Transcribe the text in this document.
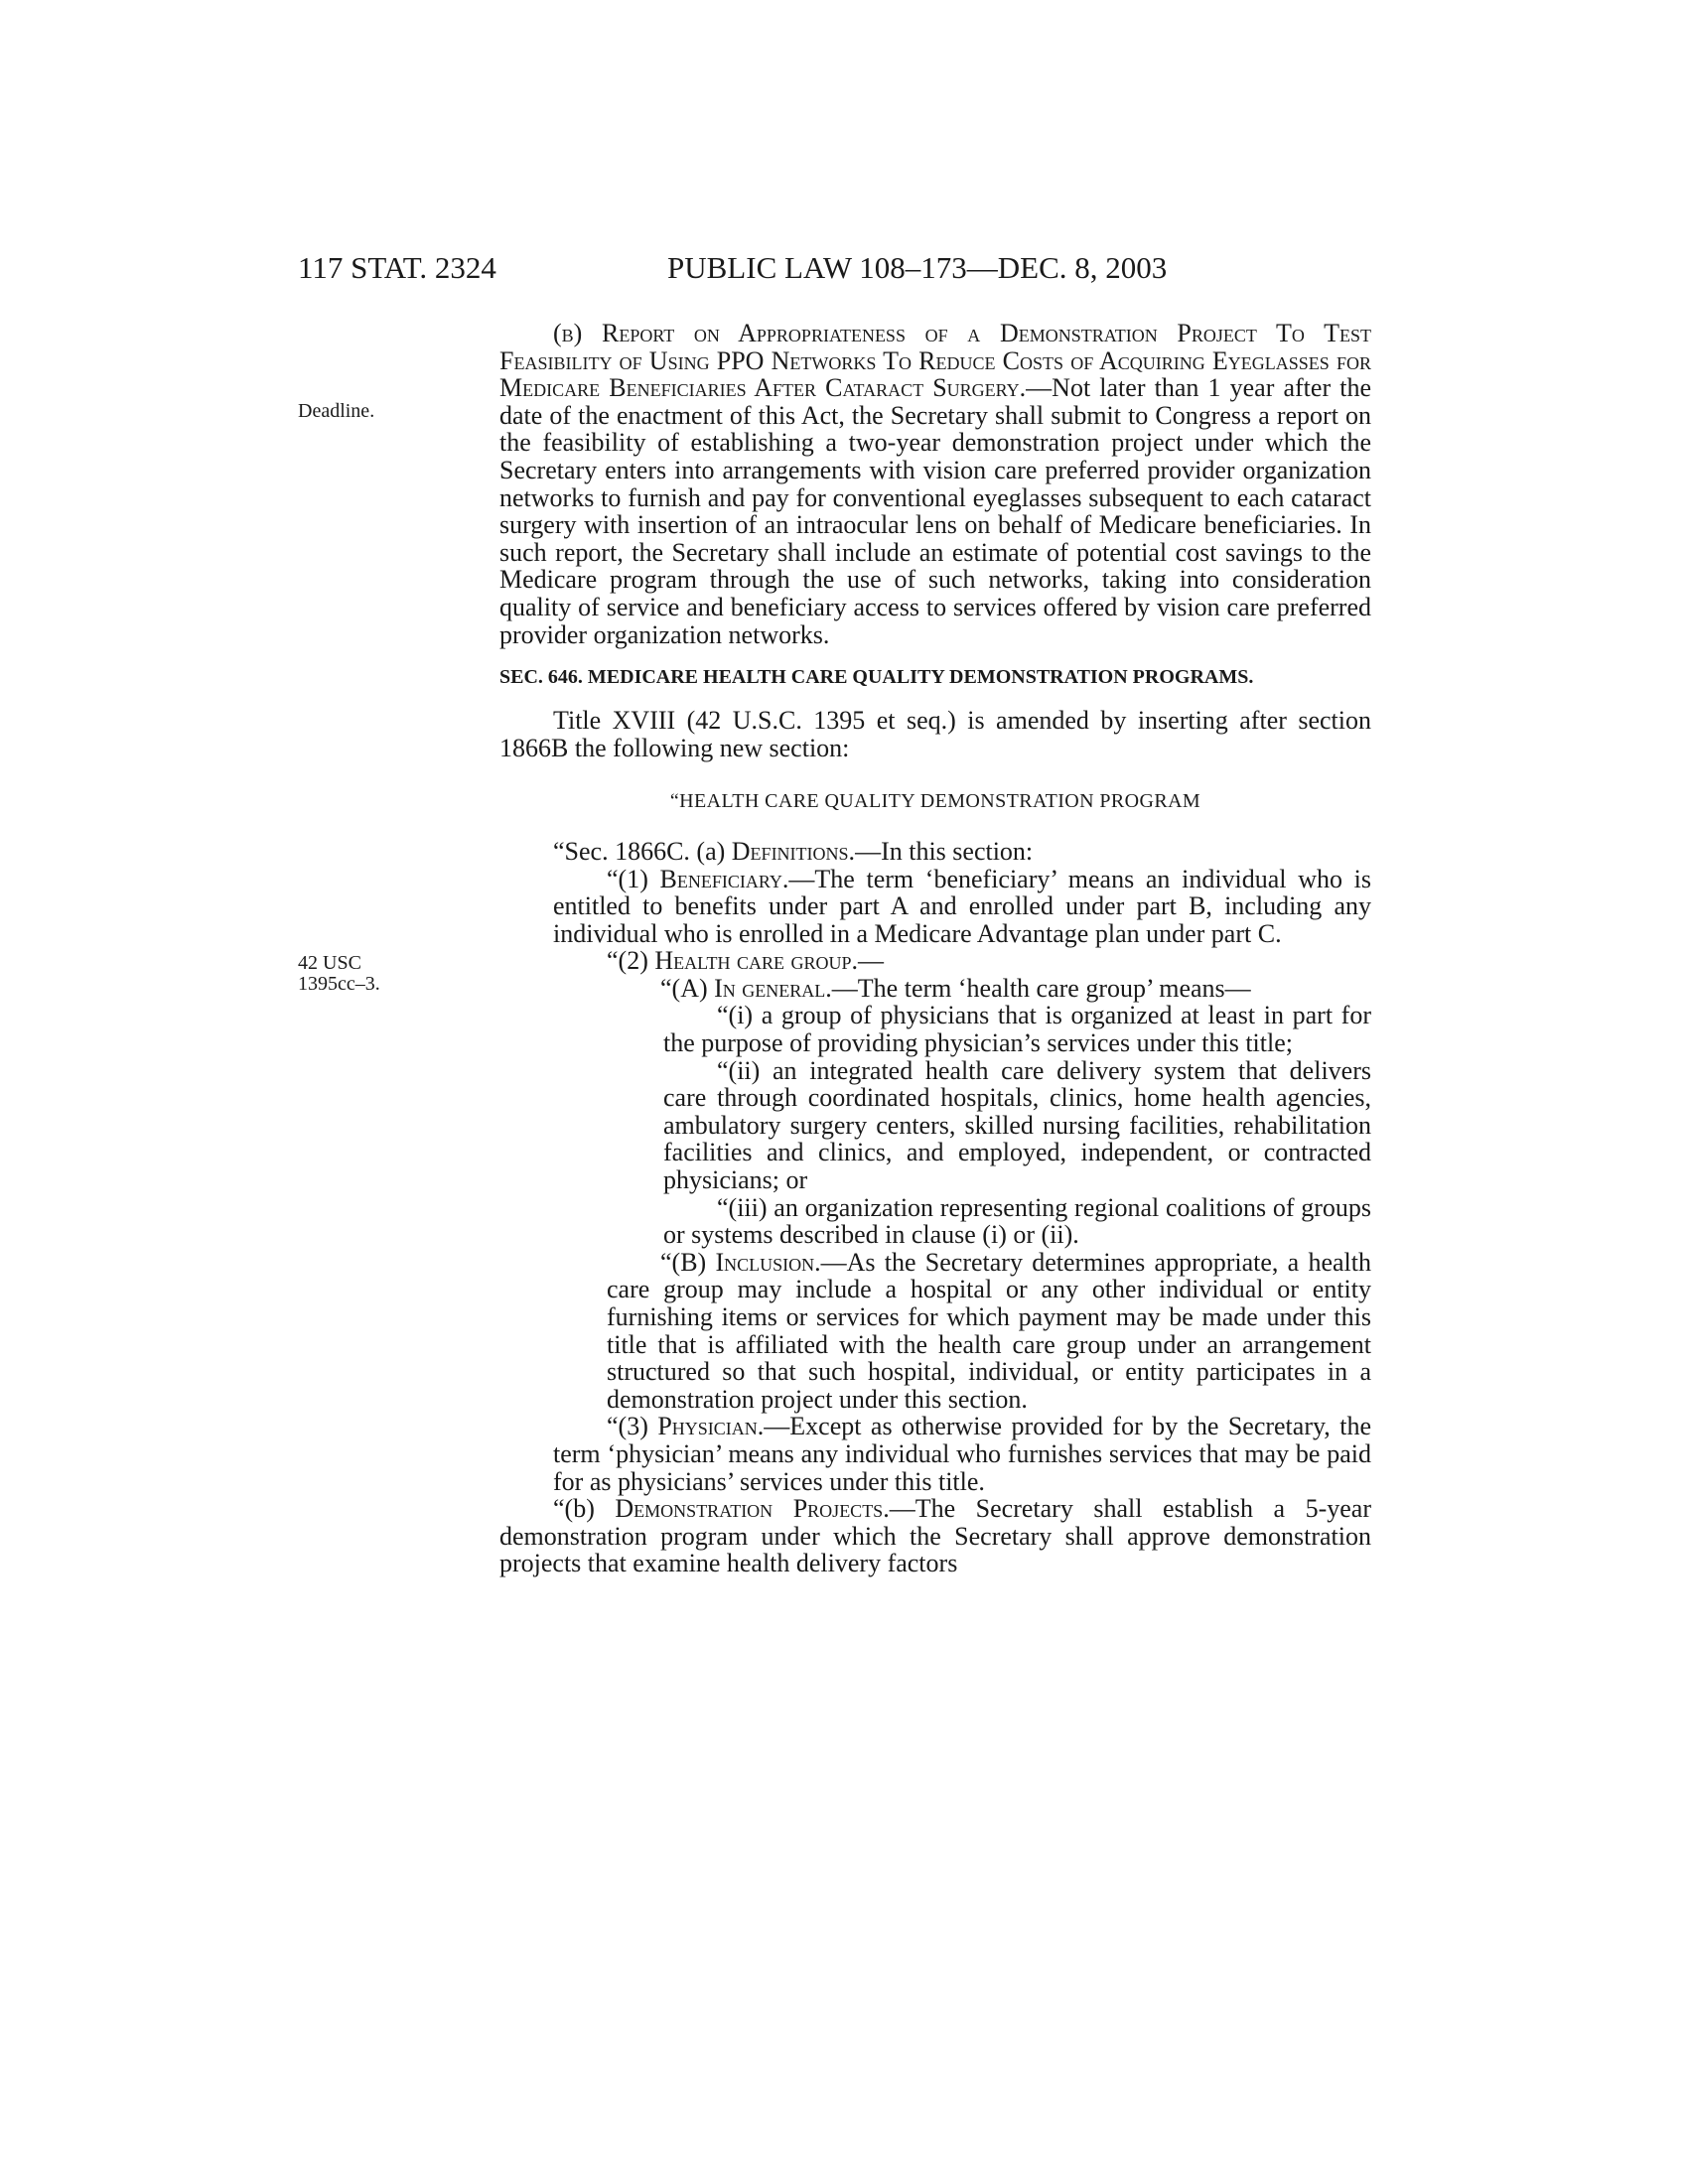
117 STAT. 2324	PUBLIC LAW 108–173—DEC. 8, 2003
Deadline.
42 USC
1395cc–3.

(b) Report on Appropriateness of a Demonstration Project To Test Feasibility of Using PPO Networks To Reduce Costs of Acquiring Eyeglasses for Medicare Beneficiaries After Cataract Surgery.—Not later than 1 year after the date of the enactment of this Act, the Secretary shall submit to Congress a report on the feasibility of establishing a two-year demonstration project under which the Secretary enters into arrangements with vision care preferred provider organization networks to furnish and pay for conventional eyeglasses subsequent to each cataract surgery with insertion of an intraocular lens on behalf of Medicare beneficiaries. In such report, the Secretary shall include an estimate of potential cost savings to the Medicare program through the use of such networks, taking into consideration quality of service and beneficiary access to services offered by vision care preferred provider organization networks.

SEC. 646. MEDICARE HEALTH CARE QUALITY DEMONSTRATION PROGRAMS.

Title XVIII (42 U.S.C. 1395 et seq.) is amended by inserting after section 1866B the following new section:

“HEALTH CARE QUALITY DEMONSTRATION PROGRAM

“Sec. 1866C. (a) Definitions.—In this section:

“(1) Beneficiary.—The term ‘beneficiary’ means an individual who is entitled to benefits under part A and enrolled under part B, including any individual who is enrolled in a Medicare Advantage plan under part C.

“(2) Health care group.—

“(A) In general.—The term ‘health care group’ means—

“(i) a group of physicians that is organized at least in part for the purpose of providing physician’s services under this title;

“(ii) an integrated health care delivery system that delivers care through coordinated hospitals, clinics, home health agencies, ambulatory surgery centers, skilled nursing facilities, rehabilitation facilities and clinics, and employed, independent, or contracted physicians; or

“(iii) an organization representing regional coalitions of groups or systems described in clause (i) or (ii).

“(B) Inclusion.—As the Secretary determines appropriate, a health care group may include a hospital or any other individual or entity furnishing items or services for which payment may be made under this title that is affiliated with the health care group under an arrangement structured so that such hospital, individual, or entity participates in a demonstration project under this section.

“(3) Physician.—Except as otherwise provided for by the Secretary, the term ‘physician’ means any individual who furnishes services that may be paid for as physicians’ services under this title.

“(b) Demonstration Projects.—The Secretary shall establish a 5-year demonstration program under which the Secretary shall approve demonstration projects that examine health delivery factors
